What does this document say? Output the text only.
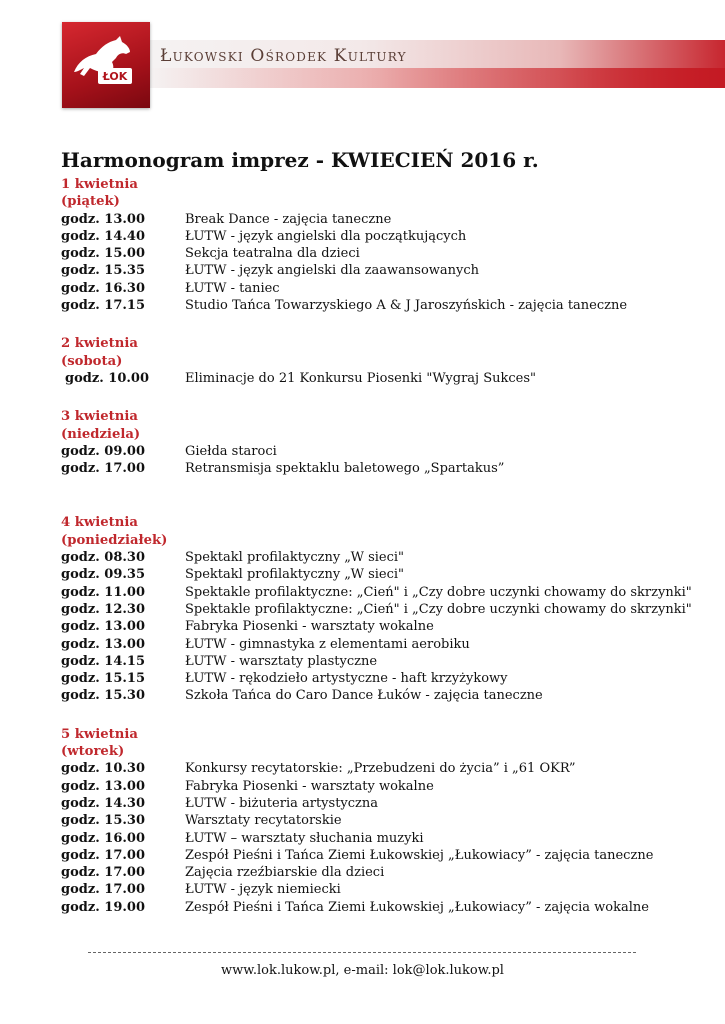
ŁOK
Łukowski Ośrodek Kultury
Harmonogram imprez - KWIECIEŃ 2016 r.
1 kwietnia
(piątek)
godz. 13.00	Break Dance - zajęcia taneczne
godz. 14.40	ŁUTW - język angielski dla początkujących
godz. 15.00	Sekcja teatralna dla dzieci
godz. 15.35	ŁUTW - język angielski dla zaawansowanych
godz. 16.30	ŁUTW - taniec
godz. 17.15	Studio Tańca Towarzyskiego A & J Jaroszyńskich - zajęcia taneczne
2 kwietnia
(sobota)
godz. 10.00	Eliminacje do 21 Konkursu Piosenki "Wygraj Sukces"
3 kwietnia
(niedziela)
godz. 09.00	Giełda staroci
godz. 17.00	Retransmisja spektaklu baletowego „Spartakus”
4 kwietnia
(poniedziałek)
godz. 08.30	Spektakl profilaktyczny „W sieci"
godz. 09.35	Spektakl profilaktyczny „W sieci"
godz. 11.00	Spektakle profilaktyczne: „Cień" i „Czy dobre uczynki chowamy do skrzynki"
godz. 12.30	Spektakle profilaktyczne: „Cień" i „Czy dobre uczynki chowamy do skrzynki"
godz. 13.00	Fabryka Piosenki - warsztaty wokalne
godz. 13.00	ŁUTW - gimnastyka z elementami aerobiku
godz. 14.15	ŁUTW - warsztaty plastyczne
godz. 15.15	ŁUTW - rękodzieło artystyczne - haft krzyżykowy
godz. 15.30	Szkoła Tańca do Caro Dance Łuków - zajęcia taneczne
5 kwietnia
(wtorek)
godz. 10.30	Konkursy recytatorskie: „Przebudzeni do życia” i „61 OKR”
godz. 13.00	Fabryka Piosenki - warsztaty wokalne
godz. 14.30	ŁUTW - biżuteria artystyczna
godz. 15.30	Warsztaty recytatorskie
godz. 16.00	ŁUTW – warsztaty słuchania muzyki
godz. 17.00	Zespół Pieśni i Tańca Ziemi Łukowskiej „Łukowiacy” - zajęcia taneczne
godz. 17.00	Zajęcia rzeźbiarskie dla dzieci
godz. 17.00	ŁUTW - język niemiecki
godz. 19.00	Zespół Pieśni i Tańca Ziemi Łukowskiej „Łukowiacy” - zajęcia wokalne
www.lok.lukow.pl, e-mail: lok@lok.lukow.pl
